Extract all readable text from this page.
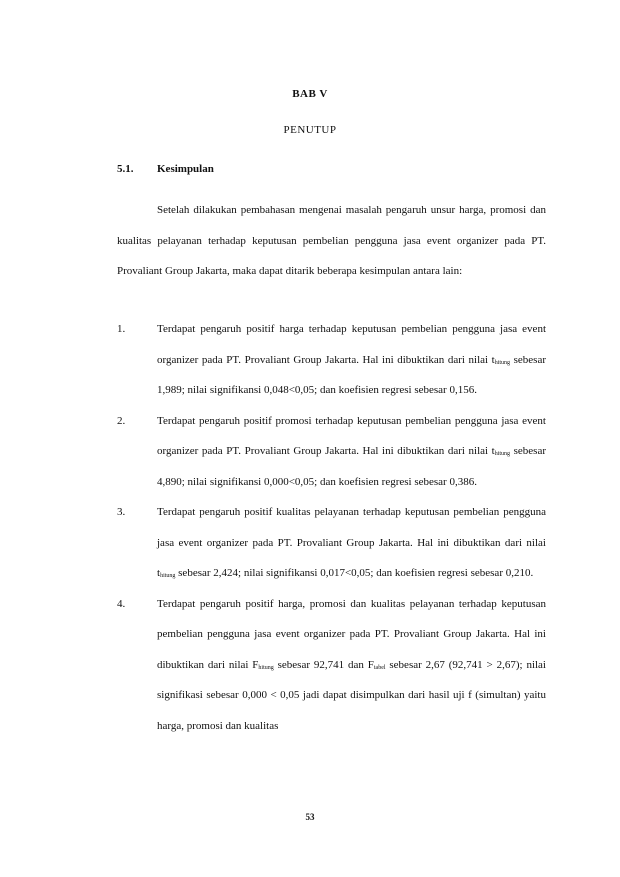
BAB V
PENUTUP
5.1. Kesimpulan

Setelah dilakukan pembahasan mengenai masalah pengaruh unsur harga, promosi dan kualitas pelayanan terhadap keputusan pembelian pengguna jasa event organizer pada PT. Provaliant Group Jakarta, maka dapat ditarik beberapa kesimpulan antara lain:

1.	Terdapat pengaruh positif harga terhadap keputusan pembelian pengguna jasa event organizer pada PT. Provaliant Group Jakarta. Hal ini dibuktikan dari nilai $t_{hitung}$ sebesar 1,989; nilai signifikansi 0,048<0,05; dan koefisien regresi sebesar 0,156.
2.	Terdapat pengaruh positif promosi terhadap keputusan pembelian pengguna jasa event organizer pada PT. Provaliant Group Jakarta. Hal ini dibuktikan dari nilai $t_{hitung}$ sebesar 4,890; nilai signifikansi 0,000<0,05; dan koefisien regresi sebesar 0,386.
3.	Terdapat pengaruh positif kualitas pelayanan terhadap keputusan pembelian pengguna jasa event organizer pada PT. Provaliant Group Jakarta. Hal ini dibuktikan dari nilai $t_{hitung}$ sebesar 2,424; nilai signifikansi 0,017<0,05; dan koefisien regresi sebesar 0,210.
4.	Terdapat pengaruh positif harga, promosi dan kualitas pelayanan terhadap keputusan pembelian pengguna jasa event organizer pada PT. Provaliant Group Jakarta. Hal ini dibuktikan dari nilai $F_{hitung}$ sebesar 92,741 dan $F_{tabel}$ sebesar 2,67 (92,741 > 2,67); nilai signifikasi sebesar 0,000 < 0,05 jadi dapat disimpulkan dari hasil uji f (simultan) yaitu harga, promosi dan kualitas
53
